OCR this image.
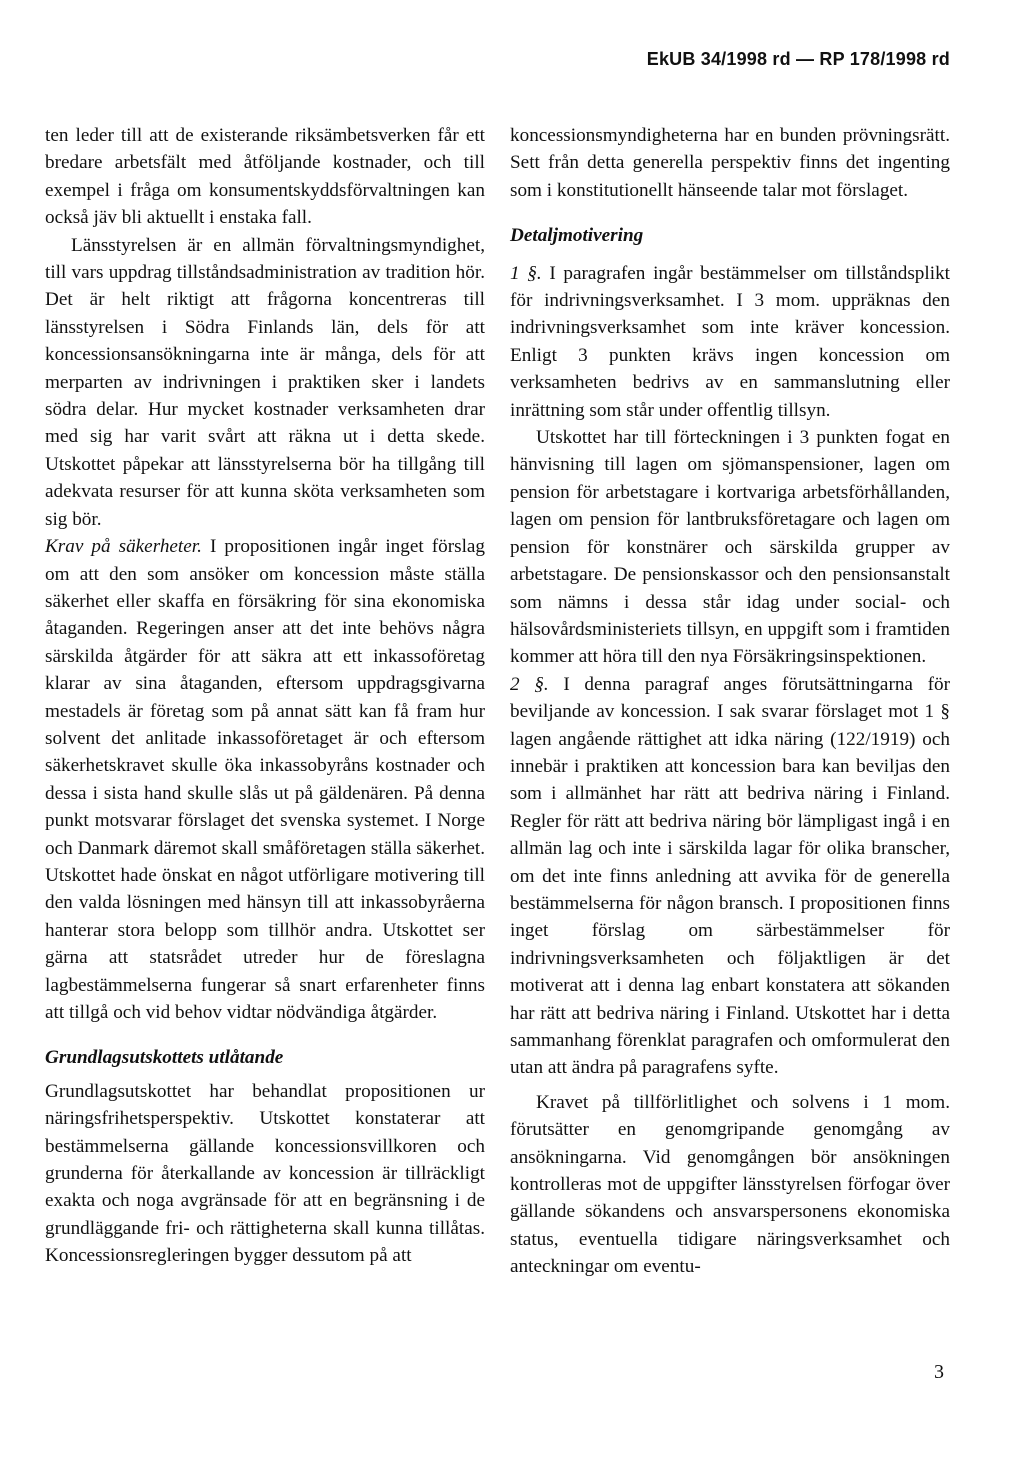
EkUB 34/1998 rd — RP 178/1998 rd

ten leder till att de existerande riksämbetsverken får ett bredare arbetsfält med åtföljande kostnader, och till exempel i fråga om konsumentskyddsförvaltningen kan också jäv bli aktuellt i enstaka fall.

Länsstyrelsen är en allmän förvaltningsmyndighet, till vars uppdrag tillståndsadministration av tradition hör. Det är helt riktigt att frågorna koncentreras till länsstyrelsen i Södra Finlands län, dels för att koncessionsansökningarna inte är många, dels för att merparten av indrivningen i praktiken sker i landets södra delar. Hur mycket kostnader verksamheten drar med sig har varit svårt att räkna ut i detta skede. Utskottet påpekar att länsstyrelserna bör ha tillgång till adekvata resurser för att kunna sköta verksamheten som sig bör.

Krav på säkerheter. I propositionen ingår inget förslag om att den som ansöker om koncession måste ställa säkerhet eller skaffa en försäkring för sina ekonomiska åtaganden. Regeringen anser att det inte behövs några särskilda åtgärder för att säkra att ett inkassoföretag klarar av sina åtaganden, eftersom uppdragsgivarna mestadels är företag som på annat sätt kan få fram hur solvent det anlitade inkassoföretaget är och eftersom säkerhetskravet skulle öka inkassobyråns kostnader och dessa i sista hand skulle slås ut på gäldenären. På denna punkt motsvarar förslaget det svenska systemet. I Norge och Danmark däremot skall småföretagen ställa säkerhet. Utskottet hade önskat en något utförligare motivering till den valda lösningen med hänsyn till att inkassobyråerna hanterar stora belopp som tillhör andra. Utskottet ser gärna att statsrådet utreder hur de föreslagna lagbestämmelserna fungerar så snart erfarenheter finns att tillgå och vid behov vidtar nödvändiga åtgärder.

Grundlagsutskottets utlåtande

Grundlagsutskottet har behandlat propositionen ur näringsfrihetsperspektiv. Utskottet konstaterar att bestämmelserna gällande koncessionsvillkoren och grunderna för återkallande av koncession är tillräckligt exakta och noga avgränsade för att en begränsning i de grundläggande fri- och rättigheterna skall kunna tillåtas. Koncessionsregleringen bygger dessutom på att

koncessionsmyndigheterna har en bunden prövningsrätt. Sett från detta generella perspektiv finns det ingenting som i konstitutionellt hänseende talar mot förslaget.

Detaljmotivering

1 §. I paragrafen ingår bestämmelser om tillståndsplikt för indrivningsverksamhet. I 3 mom. uppräknas den indrivningsverksamhet som inte kräver koncession. Enligt 3 punkten krävs ingen koncession om verksamheten bedrivs av en sammanslutning eller inrättning som står under offentlig tillsyn.

Utskottet har till förteckningen i 3 punkten fogat en hänvisning till lagen om sjömanspensioner, lagen om pension för arbetstagare i kortvariga arbetsförhållanden, lagen om pension för lantbruksföretagare och lagen om pension för konstnärer och särskilda grupper av arbetstagare. De pensionskassor och den pensionsanstalt som nämns i dessa står idag under social- och hälsovårdsministeriets tillsyn, en uppgift som i framtiden kommer att höra till den nya Försäkringsinspektionen.

2 §. I denna paragraf anges förutsättningarna för beviljande av koncession. I sak svarar förslaget mot 1 § lagen angående rättighet att idka näring (122/1919) och innebär i praktiken att koncession bara kan beviljas den som i allmänhet har rätt att bedriva näring i Finland. Regler för rätt att bedriva näring bör lämpligast ingå i en allmän lag och inte i särskilda lagar för olika branscher, om det inte finns anledning att avvika för de generella bestämmelserna för någon bransch. I propositionen finns inget förslag om särbestämmelser för indrivningsverksamheten och följaktligen är det motiverat att i denna lag enbart konstatera att sökanden har rätt att bedriva näring i Finland. Utskottet har i detta sammanhang förenklat paragrafen och omformulerat den utan att ändra på paragrafens syfte.

Kravet på tillförlitlighet och solvens i 1 mom. förutsätter en genomgripande genomgång av ansökningarna. Vid genomgången bör ansökningen kontrolleras mot de uppgifter länsstyrelsen förfogar över gällande sökandens och ansvarspersonens ekonomiska status, eventuella tidigare näringsverksamhet och anteckningar om eventu-

3
